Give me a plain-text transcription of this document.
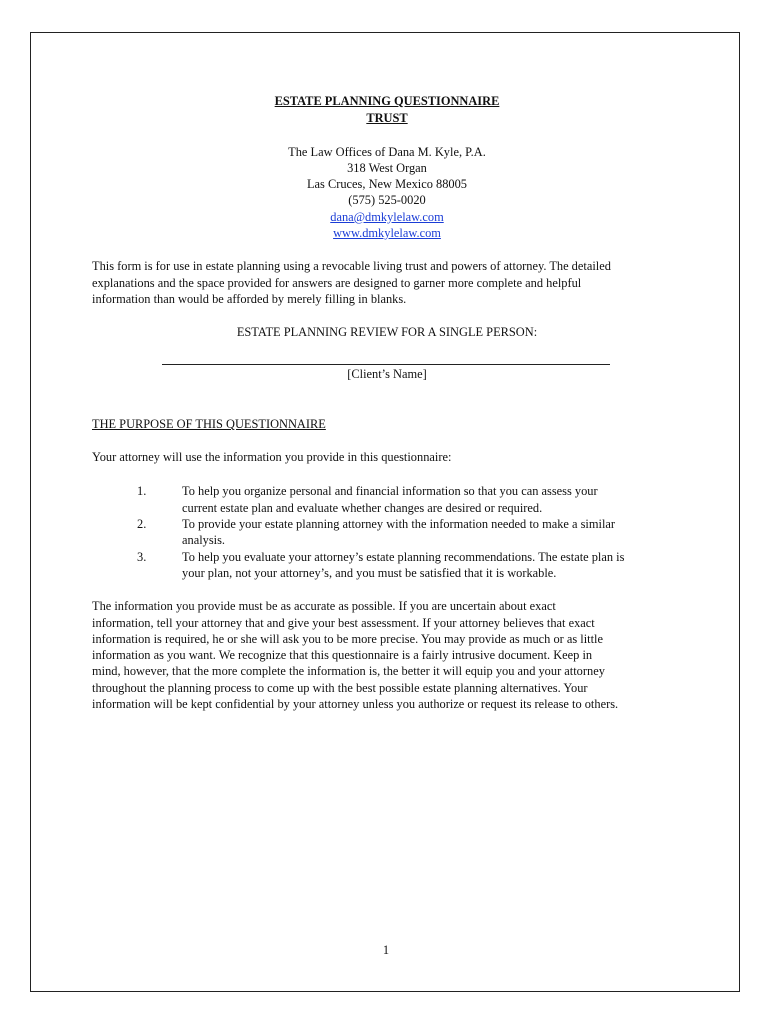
ESTATE PLANNING QUESTIONNAIRE
TRUST
The Law Offices of Dana M. Kyle, P.A.
318 West Organ
Las Cruces, New Mexico 88005
(575) 525-0020
dana@dmkylelaw.com
www.dmkylelaw.com
This form is for use in estate planning using a revocable living trust and powers of attorney. The detailed
explanations and the space provided for answers are designed to garner more complete and helpful
information than would be afforded by merely filling in blanks.
ESTATE PLANNING REVIEW FOR A SINGLE PERSON:
[Client’s Name]
THE PURPOSE OF THIS QUESTIONNAIRE
Your attorney will use the information you provide in this questionnaire:
1.	To help you organize personal and financial information so that you can assess your
current estate plan and evaluate whether changes are desired or required.
2.	To provide your estate planning attorney with the information needed to make a similar
analysis.
3.	To help you evaluate your attorney’s estate planning recommendations. The estate plan is
your plan, not your attorney’s, and you must be satisfied that it is workable.
The information you provide must be as accurate as possible. If you are uncertain about exact
information, tell your attorney that and give your best assessment. If your attorney believes that exact
information is required, he or she will ask you to be more precise. You may provide as much or as little
information as you want. We recognize that this questionnaire is a fairly intrusive document. Keep in
mind, however, that the more complete the information is, the better it will equip you and your attorney
throughout the planning process to come up with the best possible estate planning alternatives. Your
information will be kept confidential by your attorney unless you authorize or request its release to others.
1
